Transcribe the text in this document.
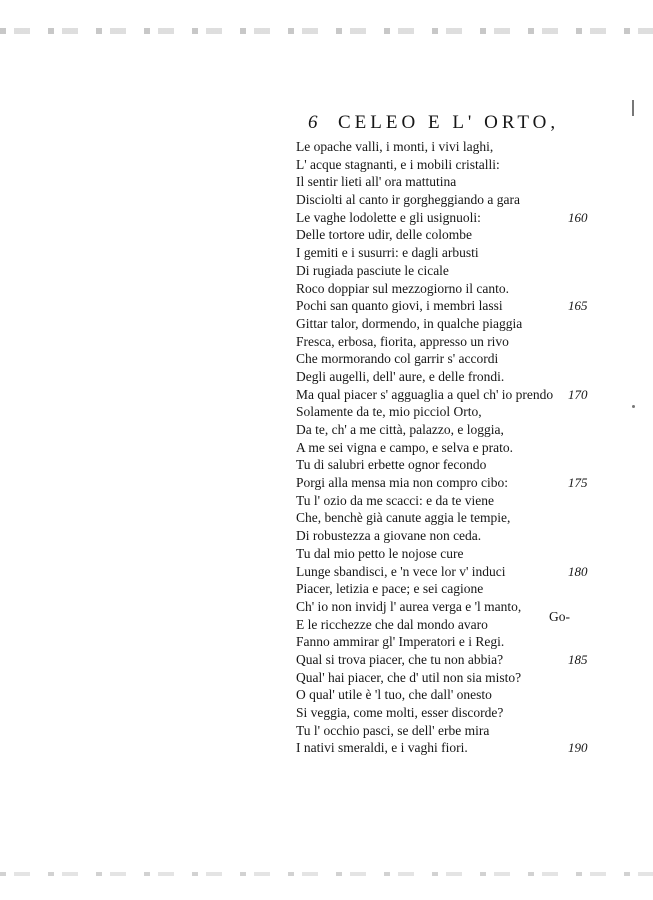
6 CELEO E L' ORTO,
Le opache valli, i monti, i vivi laghi,
L' acque stagnanti, e i mobili cristalli:
Il sentir lieti all' ora mattutina
Disciolti al canto ir gorgheggiando a gara
Le vaghe lodolette e gli usignuoli:	160
Delle tortore udir, delle colombe
I gemiti e i susurri: e dagli arbusti
Di rugiada pasciute le cicale
Roco doppiar sul mezzogiorno il canto.
Pochi san quanto giovi, i membri lassi	165
Gittar talor, dormendo, in qualche piaggia
Fresca, erbosa, fiorita, appresso un rivo
Che mormorando col garrir s' accordi
Degli augelli, dell' aure, e delle frondi.
Ma qual piacer s' agguaglia a quel ch' io prendo 170
Solamente da te, mio picciol Orto,
Da te, ch' a me città, palazzo, e loggia,
A me sei vigna e campo, e selva e prato.
Tu di salubri erbette ognor fecondo
Porgi alla mensa mia non compro cibo:	175
Tu l' ozio da me scacci: e da te viene
Che, benchè già canute aggia le tempie,
Di robustezza a giovane non ceda.
Tu dal mio petto le nojose cure
Lunge sbandisci, e 'n vece lor v' induci	180
Piacer, letizia e pace; e sei cagione
Ch' io non invidj l' aurea verga e 'l manto,
E le ricchezze che dal mondo avaro
Fanno ammirar gl' Imperatori e i Regi.
Qual si trova piacer, che tu non abbia?	185
Qual' hai piacer, che d' util non sia misto?
O qual' utile è 'l tuo, che dall' onesto
Si veggia, come molti, esser discorde?
Tu l' occhio pasci, se dell' erbe mira
I nativi smeraldi, e i vaghi fiori.	190
Go-
